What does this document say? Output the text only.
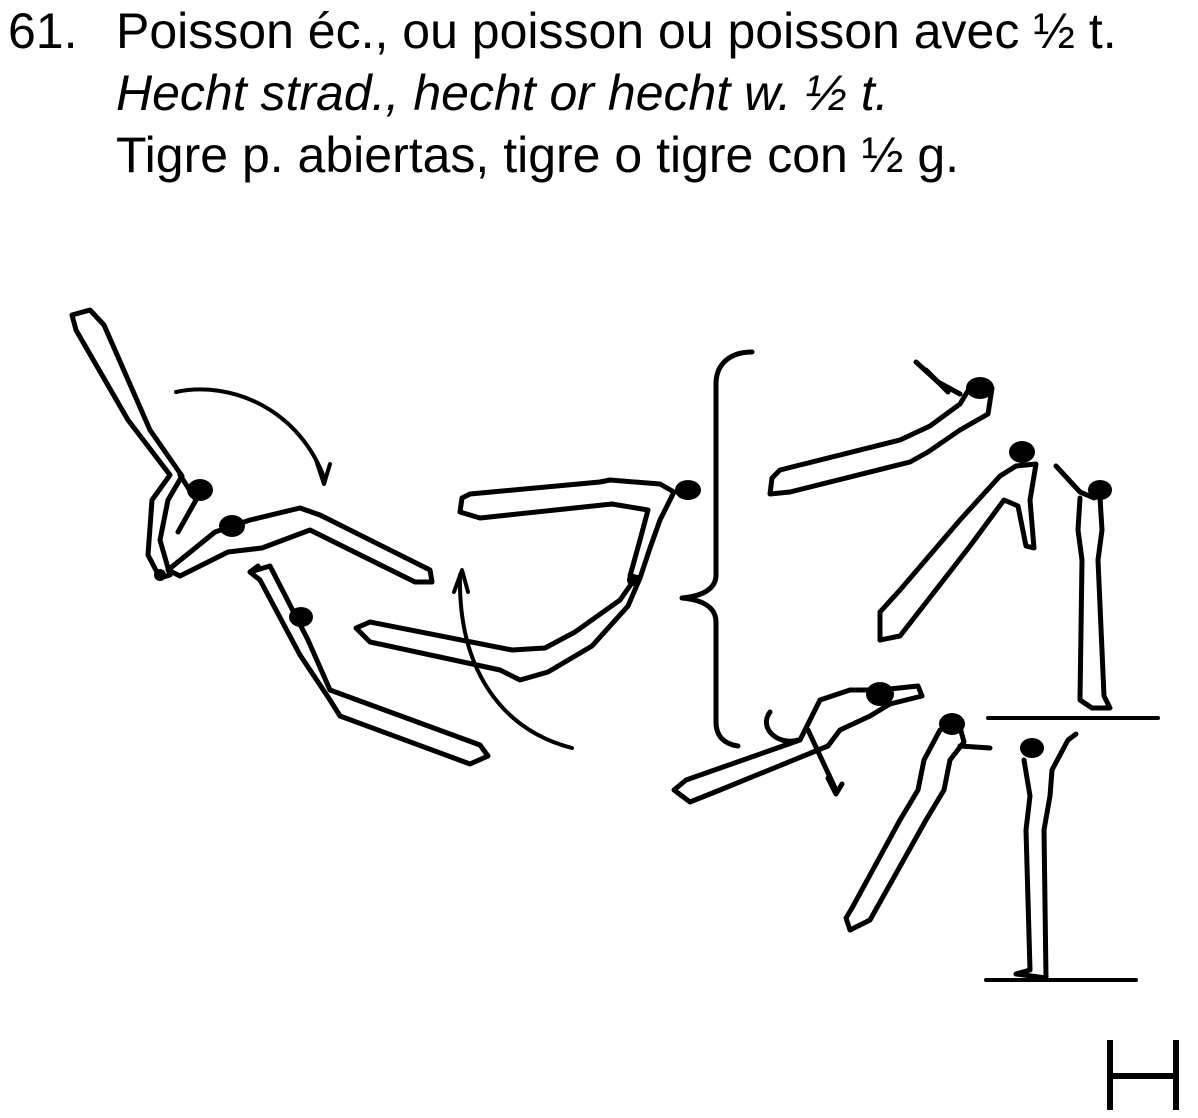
61. Poisson éc., ou poisson ou poisson avec ½ t.
Hecht strad., hecht or hecht w. ½ t.
Tigre p. abiertas, tigre o tigre con ½ g.
